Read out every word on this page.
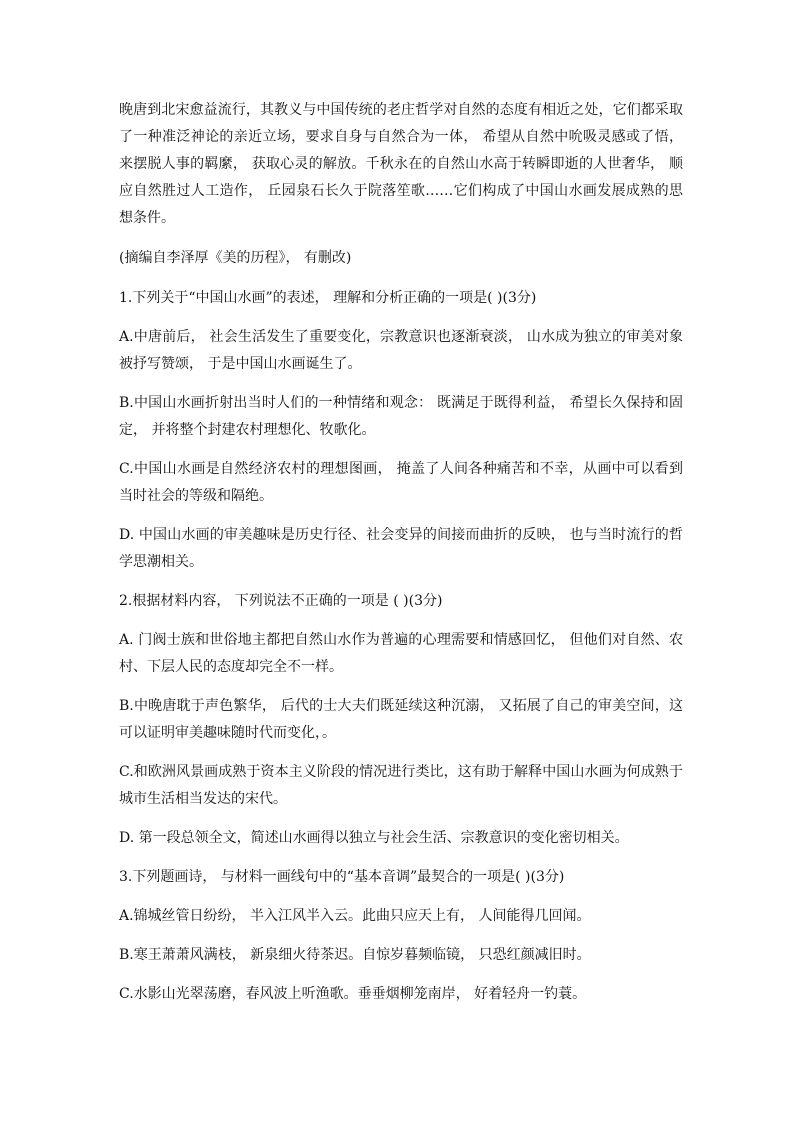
晚唐到北宋愈益流行，其教义与中国传统的老庄哲学对自然的态度有相近之处，它们都采取了一种准泛神论的亲近立场，要求自身与自然合为一体， 希望从自然中吮吸灵感或了悟，来摆脱人事的羁縻， 获取心灵的解放。千秋永在的自然山水高于转瞬即逝的人世奢华， 顺应自然胜过人工造作， 丘园泉石长久于院落笙歌……它们构成了中国山水画发展成熟的思想条件。

(摘编自李泽厚《美的历程》， 有删改)

1.下列关于“中国山水画”的表述， 理解和分析正确的一项是( )(3分)

A.中唐前后， 社会生活发生了重要变化，宗教意识也逐渐衰淡， 山水成为独立的审美对象被抒写赞颂， 于是中国山水画诞生了。

B.中国山水画折射出当时人们的一种情绪和观念： 既满足于既得利益， 希望长久保持和固定， 并将整个封建农村理想化、牧歌化。

C.中国山水画是自然经济农村的理想图画， 掩盖了人间各种痛苦和不幸，从画中可以看到当时社会的等级和隔绝。

D. 中国山水画的审美趣味是历史行径、社会变异的间接而曲折的反映， 也与当时流行的哲学思潮相关。

2.根据材料内容， 下列说法不正确的一项是 ( )(3分)

A. 门阀士族和世俗地主都把自然山水作为普遍的心理需要和情感回忆， 但他们对自然、农村、下层人民的态度却完全不一样。

B.中晚唐耽于声色繁华， 后代的士大夫们既延续这种沉溺， 又拓展了自己的审美空间，这可以证明审美趣味随时代而变化，。

C.和欧洲风景画成熟于资本主义阶段的情况进行类比，这有助于解释中国山水画为何成熟于城市生活相当发达的宋代。

D. 第一段总领全文，简述山水画得以独立与社会生活、宗教意识的变化密切相关。

3.下列题画诗， 与材料一画线句中的“基本音调”最契合的一项是( )(3分)

A.锦城丝管日纷纷， 半入江风半入云。此曲只应天上有， 人间能得几回闻。

B.寒王萧萧风满枝， 新泉细火待茶迟。自惊岁暮频临镜， 只恐红颜减旧时。

C.水影山光翠荡磨，春风波上听渔歌。垂垂烟柳笼南岸， 好着轻舟一钓蓑。
